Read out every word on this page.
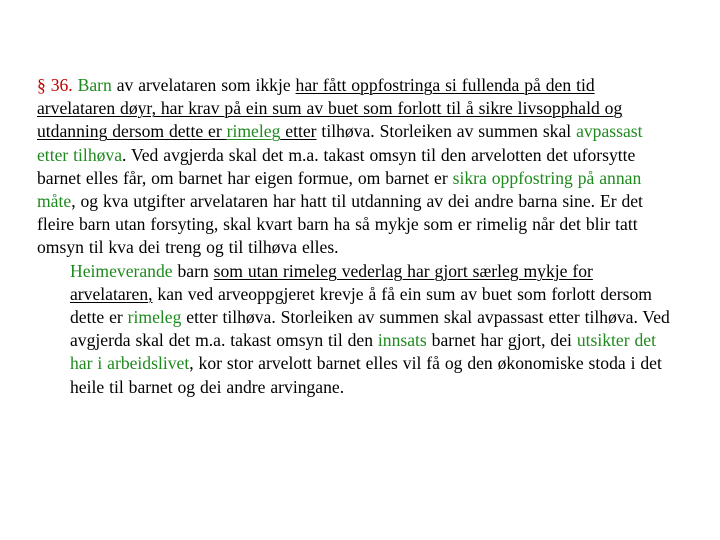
§ 36. Barn av arvelataren som ikkje har fått oppfostringa si fullenda på den tid arvelataren døyr, har krav på ein sum av buet som forlott til å sikre livsopphald og utdanning dersom dette er rimeleg etter tilhøva. Storleiken av summen skal avpassast etter tilhøva. Ved avgjerda skal det m.a. takast omsyn til den arvelotten det uforsytte barnet elles får, om barnet har eigen formue, om barnet er sikra oppfostring på annan måte, og kva utgifter arvelataren har hatt til utdanning av dei andre barna sine. Er det fleire barn utan forsyting, skal kvart barn ha så mykje som er rimelig når det blir tatt omsyn til kva dei treng og til tilhøva elles.

Heimeverande barn som utan rimeleg vederlag har gjort særleg mykje for arvelataren, kan ved arveoppgjeret krevje å få ein sum av buet som forlott dersom dette er rimeleg etter tilhøva. Storleiken av summen skal avpassast etter tilhøva. Ved avgjerda skal det m.a. takast omsyn til den innsats barnet har gjort, dei utsikter det har i arbeidslivet, kor stor arvelott barnet elles vil få og den økonomiske stoda i det heile til barnet og dei andre arvingane.
